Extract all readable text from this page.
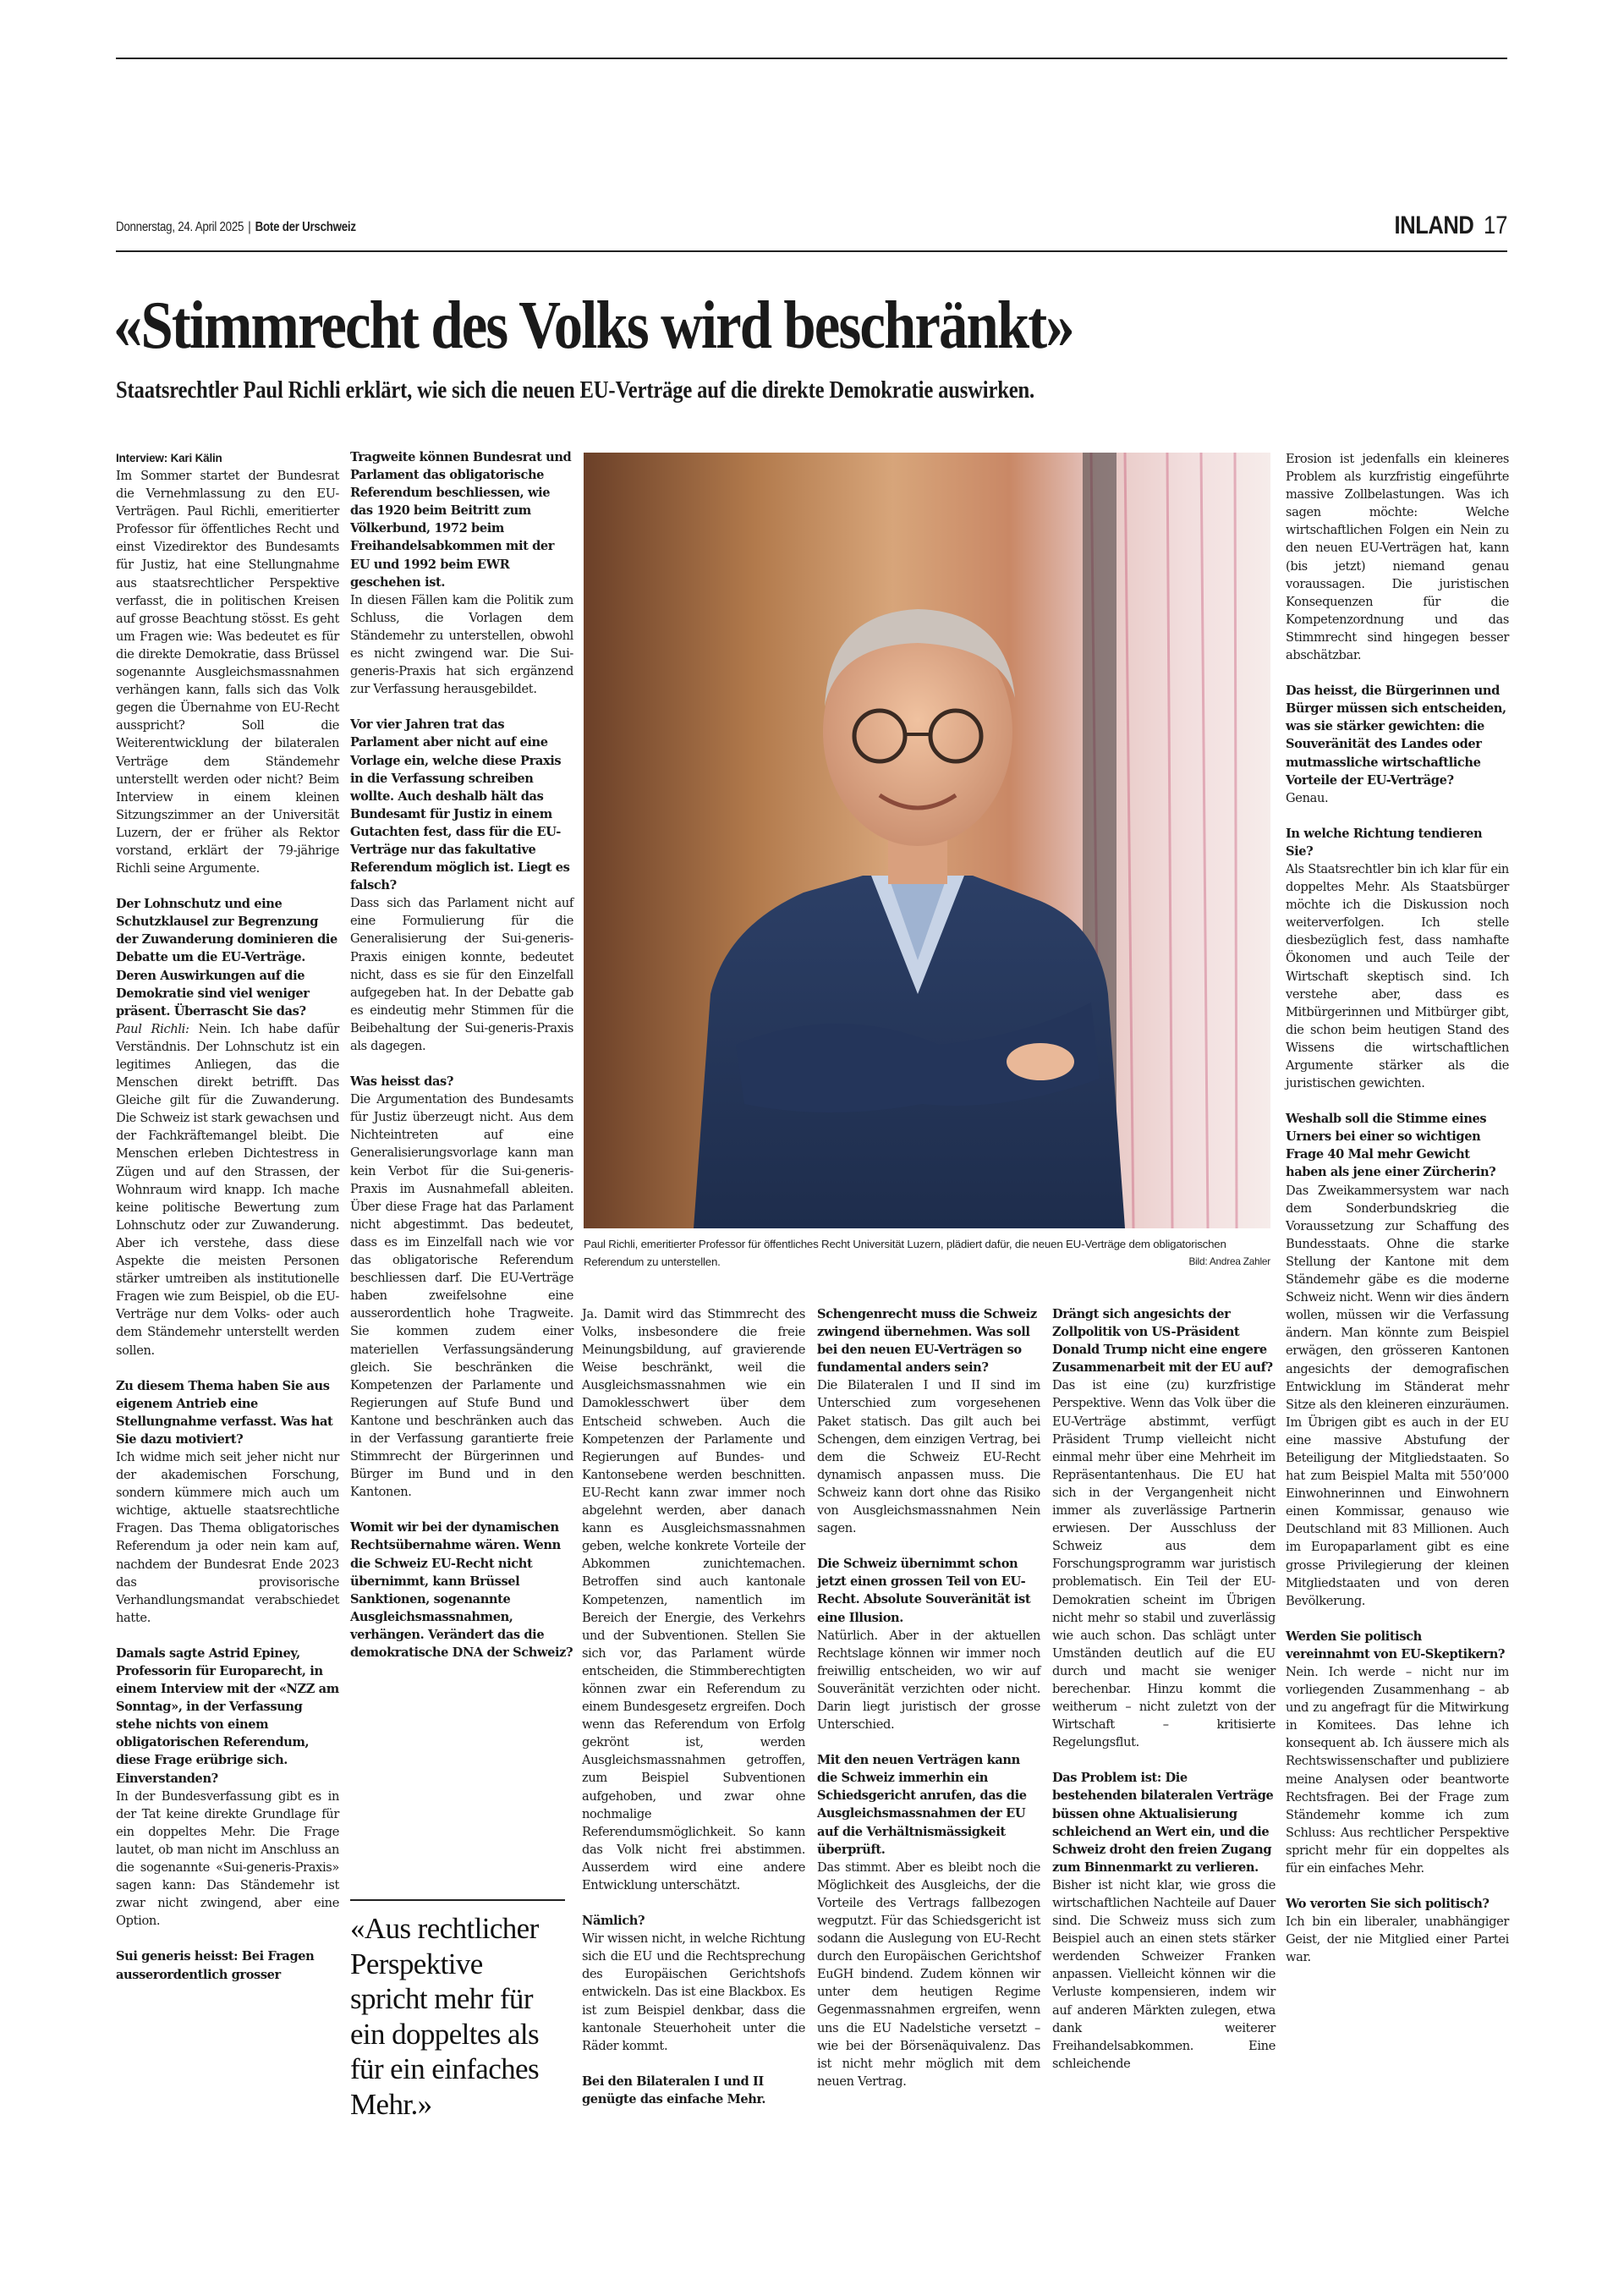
Donnerstag, 24. April 2025 | Bote der Urschweiz	INLAND 17
«Stimmrecht des Volks wird beschränkt»
Staatsrechtler Paul Richli erklärt, wie sich die neuen EU-Verträge auf die direkte Demokratie auswirken.

Interview: Kari Kälin

Im Sommer startet der Bundesrat die Vernehmlassung zu den EU-Verträgen. Paul Richli, emeritierter Professor für öffentliches Recht und einst Vizedirektor des Bundesamts für Justiz, hat eine Stellungnahme aus staatsrechtlicher Perspektive verfasst, die in politischen Kreisen auf grosse Beachtung stösst. Es geht um Fragen wie: Was bedeutet es für die direkte Demokratie, dass Brüssel sogenannte Ausgleichsmassnahmen verhängen kann, falls sich das Volk gegen die Übernahme von EU-Recht ausspricht? Soll die Weiterentwicklung der bilateralen Verträge dem Ständemehr unterstellt werden oder nicht? Beim Interview in einem kleinen Sitzungszimmer an der Universität Luzern, der er früher als Rektor vorstand, erklärt der 79-jährige Richli seine Argumente.

Der Lohnschutz und eine Schutzklausel zur Begrenzung der Zuwanderung dominieren die Debatte um die EU-Verträge. Deren Auswirkungen auf die Demokratie sind viel weniger präsent. Überrascht Sie das?

Paul Richli: Nein. Ich habe dafür Verständnis. Der Lohnschutz ist ein legitimes Anliegen, das die Menschen direkt betrifft. Das Gleiche gilt für die Zuwanderung. Die Schweiz ist stark gewachsen und der Fachkräftemangel bleibt. Die Menschen erleben Dichtestress in Zügen und auf den Strassen, der Wohnraum wird knapp. Ich mache keine politische Bewertung zum Lohnschutz oder zur Zuwanderung. Aber ich verstehe, dass diese Aspekte die meisten Personen stärker umtreiben als institutionelle Fragen wie zum Beispiel, ob die EU-Verträge nur dem Volks- oder auch dem Ständemehr unterstellt werden sollen.

Zu diesem Thema haben Sie aus eigenem Antrieb eine Stellungnahme verfasst. Was hat Sie dazu motiviert?

Ich widme mich seit jeher nicht nur der akademischen Forschung, sondern kümmere mich auch um wichtige, aktuelle staatsrechtliche Fragen. Das Thema obligatorisches Referendum ja oder nein kam auf, nachdem der Bundesrat Ende 2023 das provisorische Verhandlungsmandat verabschiedet hatte.

Damals sagte Astrid Epiney, Professorin für Europarecht, in einem Interview mit der «NZZ am Sonntag», in der Verfassung stehe nichts von einem obligatorischen Referendum, diese Frage erübrige sich. Einverstanden?

In der Bundesverfassung gibt es in der Tat keine direkte Grundlage für ein doppeltes Mehr. Die Frage lautet, ob man nicht im Anschluss an die sogenannte «Sui-generis-Praxis» sagen kann: Das Ständemehr ist zwar nicht zwingend, aber eine Option.

Sui generis heisst: Bei Fragen ausserordentlich grosser

Tragweite können Bundesrat und Parlament das obligatorische Referendum beschliessen, wie das 1920 beim Beitritt zum Völkerbund, 1972 beim Freihandelsabkommen mit der EU und 1992 beim EWR geschehen ist.

In diesen Fällen kam die Politik zum Schluss, die Vorlagen dem Ständemehr zu unterstellen, obwohl es nicht zwingend war. Die Sui-generis-Praxis hat sich ergänzend zur Verfassung herausgebildet.

Vor vier Jahren trat das Parlament aber nicht auf eine Vorlage ein, welche diese Praxis in die Verfassung schreiben wollte. Auch deshalb hält das Bundesamt für Justiz in einem Gutachten fest, dass für die EU-Verträge nur das fakultative Referendum möglich ist. Liegt es falsch?

Dass sich das Parlament nicht auf eine Formulierung für die Generalisierung der Sui-generis-Praxis einigen konnte, bedeutet nicht, dass es sie für den Einzelfall aufgegeben hat. In der Debatte gab es eindeutig mehr Stimmen für die Beibehaltung der Sui-generis-Praxis als dagegen.

Was heisst das?

Die Argumentation des Bundesamts für Justiz überzeugt nicht. Aus dem Nichteintreten auf eine Generalisierungsvorlage kann man kein Verbot für die Sui-generis-Praxis im Ausnahmefall ableiten. Über diese Frage hat das Parlament nicht abgestimmt. Das bedeutet, dass es im Einzelfall nach wie vor das obligatorische Referendum beschliessen darf. Die EU-Verträge haben zweifelsohne eine ausserordentlich hohe Tragweite. Sie kommen zudem einer materiellen Verfassungsänderung gleich. Sie beschränken die Kompetenzen der Parlamente und Regierungen auf Stufe Bund und Kantone und beschränken auch das in der Verfassung garantierte freie Stimmrecht der Bürgerinnen und Bürger im Bund und in den Kantonen.

Womit wir bei der dynamischen Rechtsübernahme wären. Wenn die Schweiz EU-Recht nicht übernimmt, kann Brüssel Sanktionen, sogenannte Ausgleichsmassnahmen, verhängen. Verändert das die demokratische DNA der Schweiz?

«Aus rechtlicher Perspektive spricht mehr für ein doppeltes als für ein einfaches Mehr.»

Paul Richli, emeritierter Professor für öffentliches Recht Universität Luzern, plädiert dafür, die neuen EU-Verträge dem obligatorischen Referendum zu unterstellen.	Bild: Andrea Zahler

Ja. Damit wird das Stimmrecht des Volks, insbesondere die freie Meinungsbildung, auf gravierende Weise beschränkt, weil die Ausgleichsmassnahmen wie ein Damoklesschwert über dem Entscheid schweben. Auch die Kompetenzen der Parlamente und Regierungen auf Bundes- und Kantonsebene werden beschnitten. EU-Recht kann zwar immer noch abgelehnt werden, aber danach kann es Ausgleichsmassnahmen geben, welche konkrete Vorteile der Abkommen zunichtemachen. Betroffen sind auch kantonale Kompetenzen, namentlich im Bereich der Energie, des Verkehrs und der Subventionen. Stellen Sie sich vor, das Parlament würde entscheiden, die Stimmberechtigten können zwar ein Referendum zu einem Bundesgesetz ergreifen. Doch wenn das Referendum von Erfolg gekrönt ist, werden Ausgleichsmassnahmen getroffen, zum Beispiel Subventionen aufgehoben, und zwar ohne nochmalige Referendumsmöglichkeit. So kann das Volk nicht frei abstimmen. Ausserdem wird eine andere Entwicklung unterschätzt.

Nämlich?

Wir wissen nicht, in welche Richtung sich die EU und die Rechtsprechung des Europäischen Gerichtshofs entwickeln. Das ist eine Blackbox. Es ist zum Beispiel denkbar, dass die kantonale Steuerhoheit unter die Räder kommt.

Bei den Bilateralen I und II genügte das einfache Mehr.

Schengenrecht muss die Schweiz zwingend übernehmen. Was soll bei den neuen EU-Verträgen so fundamental anders sein?

Die Bilateralen I und II sind im Unterschied zum vorgesehenen Paket statisch. Das gilt auch bei Schengen, dem einzigen Vertrag, bei dem die Schweiz EU-Recht dynamisch anpassen muss. Die Schweiz kann dort ohne das Risiko von Ausgleichsmassnahmen Nein sagen.

Die Schweiz übernimmt schon jetzt einen grossen Teil von EU-Recht. Absolute Souveränität ist eine Illusion.

Natürlich. Aber in der aktuellen Rechtslage können wir immer noch freiwillig entscheiden, wo wir auf Souveränität verzichten oder nicht. Darin liegt juristisch der grosse Unterschied.

Mit den neuen Verträgen kann die Schweiz immerhin ein Schiedsgericht anrufen, das die Ausgleichsmassnahmen der EU auf die Verhältnismässigkeit überprüft.

Das stimmt. Aber es bleibt noch die Möglichkeit des Ausgleichs, der die Vorteile des Vertrags fallbezogen wegputzt. Für das Schiedsgericht ist sodann die Auslegung von EU-Recht durch den Europäischen Gerichtshof EuGH bindend. Zudem können wir unter dem heutigen Regime Gegenmassnahmen ergreifen, wenn uns die EU Nadelstiche versetzt – wie bei der Börsenäquivalenz. Das ist nicht mehr möglich mit dem neuen Vertrag.

Drängt sich angesichts der Zollpolitik von US-Präsident Donald Trump nicht eine engere Zusammenarbeit mit der EU auf?

Das ist eine (zu) kurzfristige Perspektive. Wenn das Volk über die EU-Verträge abstimmt, verfügt Präsident Trump vielleicht nicht einmal mehr über eine Mehrheit im Repräsentantenhaus. Die EU hat sich in der Vergangenheit nicht immer als zuverlässige Partnerin erwiesen. Der Ausschluss der Schweiz aus dem Forschungsprogramm war juristisch problematisch. Ein Teil der EU-Demokratien scheint im Übrigen nicht mehr so stabil und zuverlässig wie auch schon. Das schlägt unter Umständen deutlich auf die EU durch und macht sie weniger berechenbar. Hinzu kommt die weitherum – nicht zuletzt von der Wirtschaft – kritisierte Regelungsflut.

Das Problem ist: Die bestehenden bilateralen Verträge büssen ohne Aktualisierung schleichend an Wert ein, und die Schweiz droht den freien Zugang zum Binnenmarkt zu verlieren.

Bisher ist nicht klar, wie gross die wirtschaftlichen Nachteile auf Dauer sind. Die Schweiz muss sich zum Beispiel auch an einen stets stärker werdenden Schweizer Franken anpassen. Vielleicht können wir die Verluste kompensieren, indem wir auf anderen Märkten zulegen, etwa dank weiterer Freihandelsabkommen. Eine schleichende

Erosion ist jedenfalls ein kleineres Problem als kurzfristig eingeführte massive Zollbelastungen. Was ich sagen möchte: Welche wirtschaftlichen Folgen ein Nein zu den neuen EU-Verträgen hat, kann (bis jetzt) niemand genau voraussagen. Die juristischen Konsequenzen für die Kompetenzordnung und das Stimmrecht sind hingegen besser abschätzbar.

Das heisst, die Bürgerinnen und Bürger müssen sich entscheiden, was sie stärker gewichten: die Souveränität des Landes oder mutmassliche wirtschaftliche Vorteile der EU-Verträge?

Genau.

In welche Richtung tendieren Sie?

Als Staatsrechtler bin ich klar für ein doppeltes Mehr. Als Staatsbürger möchte ich die Diskussion noch weiterverfolgen. Ich stelle diesbezüglich fest, dass namhafte Ökonomen und auch Teile der Wirtschaft skeptisch sind. Ich verstehe aber, dass es Mitbürgerinnen und Mitbürger gibt, die schon beim heutigen Stand des Wissens die wirtschaftlichen Argumente stärker als die juristischen gewichten.

Weshalb soll die Stimme eines Urners bei einer so wichtigen Frage 40 Mal mehr Gewicht haben als jene einer Zürcherin?

Das Zweikammersystem war nach dem Sonderbundskrieg die Voraussetzung zur Schaffung des Bundesstaats. Ohne die starke Stellung der Kantone mit dem Ständemehr gäbe es die moderne Schweiz nicht. Wenn wir dies ändern wollen, müssen wir die Verfassung ändern. Man könnte zum Beispiel erwägen, den grösseren Kantonen angesichts der demografischen Entwicklung im Ständerat mehr Sitze als den kleineren einzuräumen. Im Übrigen gibt es auch in der EU eine massive Abstufung der Beteiligung der Mitgliedstaaten. So hat zum Beispiel Malta mit 550’000 Einwohnerinnen und Einwohnern einen Kommissar, genauso wie Deutschland mit 83 Millionen. Auch im Europaparlament gibt es eine grosse Privilegierung der kleinen Mitgliedstaaten und von deren Bevölkerung.

Werden Sie politisch vereinnahmt von EU-Skeptikern?

Nein. Ich werde – nicht nur im vorliegenden Zusammenhang – ab und zu angefragt für die Mitwirkung in Komitees. Das lehne ich konsequent ab. Ich äussere mich als Rechtswissenschafter und publiziere meine Analysen oder beantworte Rechtsfragen. Bei der Frage zum Ständemehr komme ich zum Schluss: Aus rechtlicher Perspektive spricht mehr für ein doppeltes als für ein einfaches Mehr.

Wo verorten Sie sich politisch?

Ich bin ein liberaler, unabhängiger Geist, der nie Mitglied einer Partei war.
